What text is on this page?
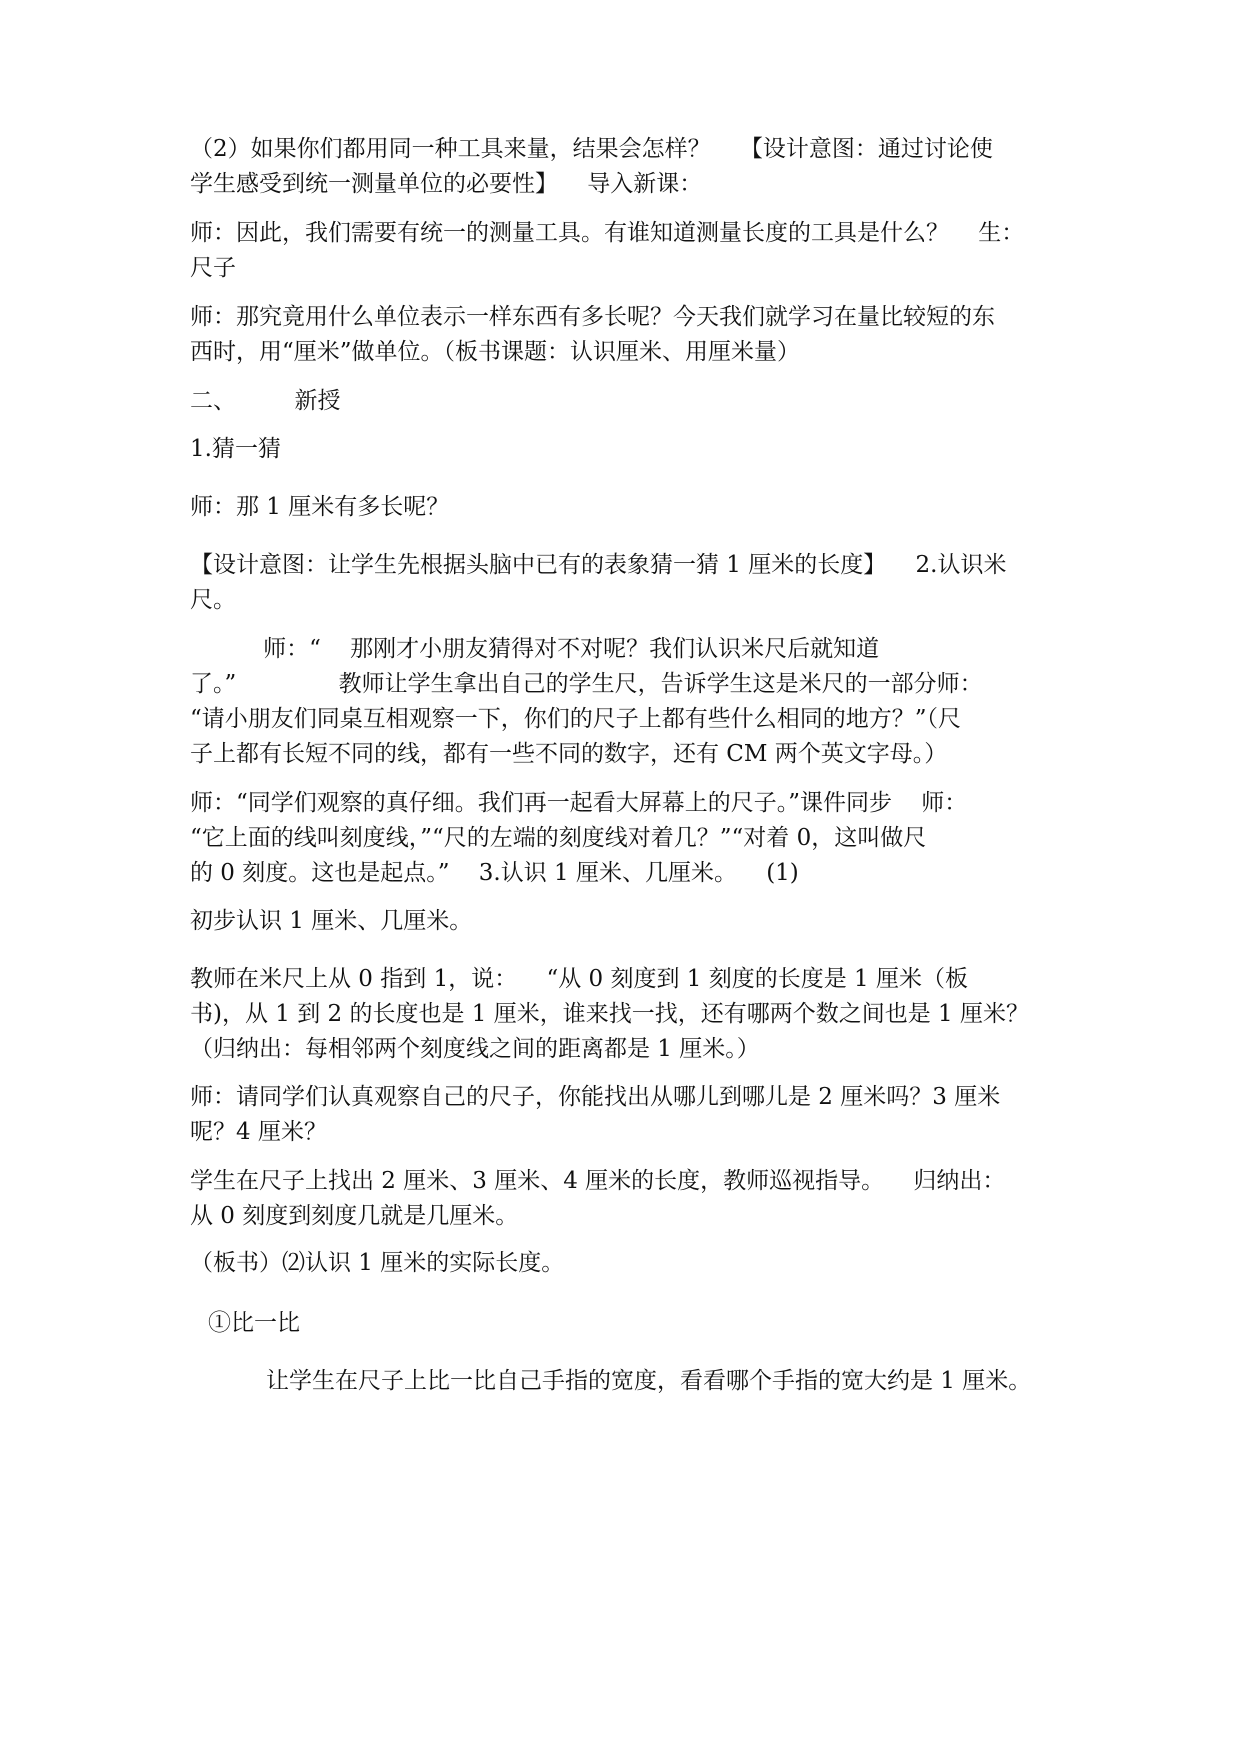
（2）如果你们都用同一种工具来量，结果会怎样？    【设计意图：通过讨论使
学生感受到统一测量单位的必要性】    导入新课：
师：因此，我们需要有统一的测量工具。有谁知道测量长度的工具是什么？    生：
尺子
师：那究竟用什么单位表示一样东西有多长呢？今天我们就学习在量比较短的东
西时，用“厘米”做单位。（板书课题：认识厘米、用厘米量）
二、        新授
1.猜一猜
师：那 1 厘米有多长呢？
【设计意图：让学生先根据头脑中已有的表象猜一猜 1 厘米的长度】    2.认识米
尺。
师：“    那刚才小朋友猜得对不对呢？我们认识米尺后就知道
了。”              教师让学生拿出自己的学生尺，告诉学生这是米尺的一部分师：
“请小朋友们同桌互相观察一下，你们的尺子上都有些什么相同的地方？”（尺
子上都有长短不同的线，都有一些不同的数字，还有 CM 两个英文字母。）
师：“同学们观察的真仔细。我们再一起看大屏幕上的尺子。”课件同步    师：
“它上面的线叫刻度线，”“尺的左端的刻度线对着几？”“对着 0，这叫做尺
的 0 刻度。这也是起点。”    3.认识 1 厘米、几厘米。    (1)
初步认识 1 厘米、几厘米。
教师在米尺上从 0 指到 1，说：    “从 0 刻度到 1 刻度的长度是 1 厘米（板
书)，从 1 到 2 的长度也是 1 厘米，谁来找一找，还有哪两个数之间也是 1 厘米？
（归纳出：每相邻两个刻度线之间的距离都是 1 厘米。）
师：请同学们认真观察自己的尺子，你能找出从哪儿到哪儿是 2 厘米吗？3 厘米
呢？4 厘米？
学生在尺子上找出 2 厘米、3 厘米、4 厘米的长度，教师巡视指导。    归纳出：
从 0 刻度到刻度几就是几厘米。
（板书）⑵认识 1 厘米的实际长度。
①比一比
让学生在尺子上比一比自己手指的宽度，看看哪个手指的宽大约是 1 厘米。
